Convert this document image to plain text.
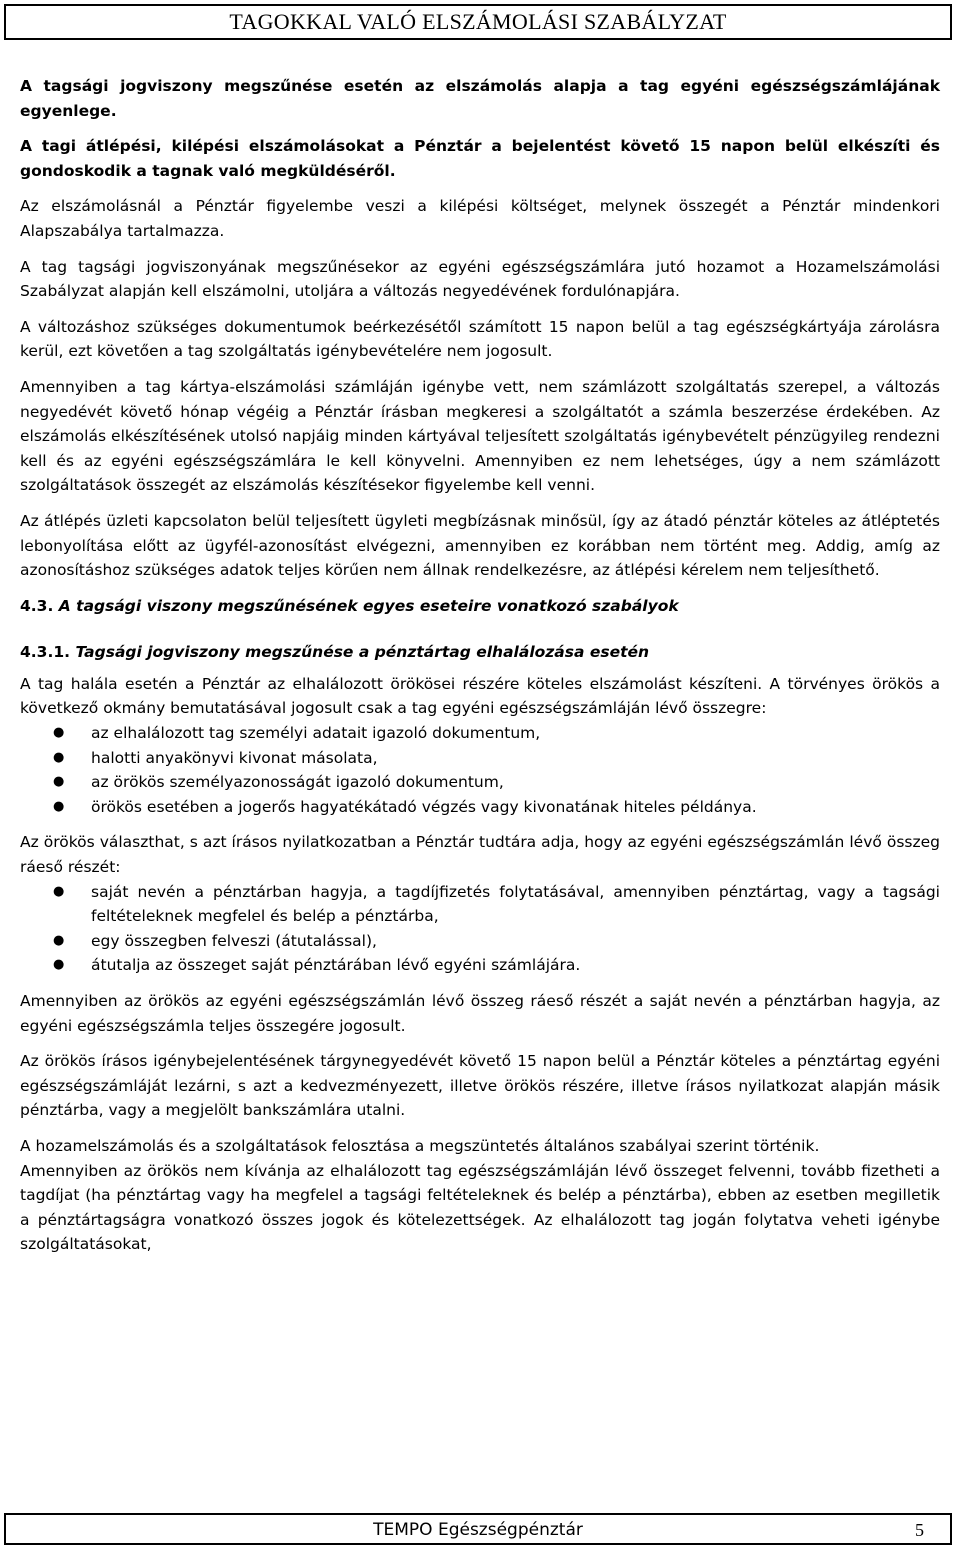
TAGOKKAL VALÓ ELSZÁMOLÁSI SZABÁLYZAT

A tagsági jogviszony megszűnése esetén az elszámolás alapja a tag egyéni egészségszámlájának egyenlege.

A tagi átlépési, kilépési elszámolásokat a Pénztár a bejelentést követő 15 napon belül elkészíti és gondoskodik a tagnak való megküldéséről.

Az elszámolásnál a Pénztár figyelembe veszi a kilépési költséget, melynek összegét a Pénztár mindenkori Alapszabálya tartalmazza.

A tag tagsági jogviszonyának megszűnésekor az egyéni egészségszámlára jutó hozamot a Hozamelszámolási Szabályzat alapján kell elszámolni, utoljára a változás negyedévének fordulónapjára.

A változáshoz szükséges dokumentumok beérkezésétől számított 15 napon belül a tag egészségkártyája zárolásra kerül, ezt követően a tag szolgáltatás igénybevételére nem jogosult.

Amennyiben a tag kártya-elszámolási számláján igénybe vett, nem számlázott szolgáltatás szerepel, a változás negyedévét követő hónap végéig a Pénztár írásban megkeresi a szolgáltatót a számla beszerzése érdekében. Az elszámolás elkészítésének utolsó napjáig minden kártyával teljesített szolgáltatás igénybevételt pénzügyileg rendezni kell és az egyéni egészségszámlára le kell könyvelni. Amennyiben ez nem lehetséges, úgy a nem számlázott szolgáltatások összegét az elszámolás készítésekor figyelembe kell venni.

Az átlépés üzleti kapcsolaton belül teljesített ügyleti megbízásnak minősül, így az átadó pénztár köteles az átléptetés lebonyolítása előtt az ügyfél-azonosítást elvégezni, amennyiben ez korábban nem történt meg. Addig, amíg az azonosításhoz szükséges adatok teljes körűen nem állnak rendelkezésre, az átlépési kérelem nem teljesíthető.

4.3. A tagsági viszony megszűnésének egyes eseteire vonatkozó szabályok
4.3.1. Tagsági jogviszony megszűnése a pénztártag elhalálozása esetén

A tag halála esetén a Pénztár az elhalálozott örökösei részére köteles elszámolást készíteni. A törvényes örökös a következő okmány bemutatásával jogosult csak a tag egyéni egészségszámláján lévő összegre:

● az elhalálozott tag személyi adatait igazoló dokumentum,
● halotti anyakönyvi kivonat másolata,
● az örökös személyazonosságát igazoló dokumentum,
● örökös esetében a jogerős hagyatékátadó végzés vagy kivonatának hiteles példánya.

Az örökös választhat, s azt írásos nyilatkozatban a Pénztár tudtára adja, hogy az egyéni egészségszámlán lévő összeg ráeső részét:

● saját nevén a pénztárban hagyja, a tagdíjfizetés folytatásával, amennyiben pénztártag, vagy a tagsági feltételeknek megfelel és belép a pénztárba,
● egy összegben felveszi (átutalással),
● átutalja az összeget saját pénztárában lévő egyéni számlájára.

Amennyiben az örökös az egyéni egészségszámlán lévő összeg ráeső részét a saját nevén a pénztárban hagyja, az egyéni egészségszámla teljes összegére jogosult.

Az örökös írásos igénybejelentésének tárgynegyedévét követő 15 napon belül a Pénztár köteles a pénztártag egyéni egészségszámláját lezárni, s azt a kedvezményezett, illetve örökös részére, illetve írásos nyilatkozat alapján másik pénztárba, vagy a megjelölt bankszámlára utalni.

A hozamelszámolás és a szolgáltatások felosztása a megszüntetés általános szabályai szerint történik.

Amennyiben az örökös nem kívánja az elhalálozott tag egészségszámláján lévő összeget felvenni, tovább fizetheti a tagdíjat (ha pénztártag vagy ha megfelel a tagsági feltételeknek és belép a pénztárba), ebben az esetben megilletik a pénztártagságra vonatkozó összes jogok és kötelezettségek. Az elhalálozott tag jogán folytatva veheti igénybe szolgáltatásokat,

TEMPO Egészségpénztár	5
